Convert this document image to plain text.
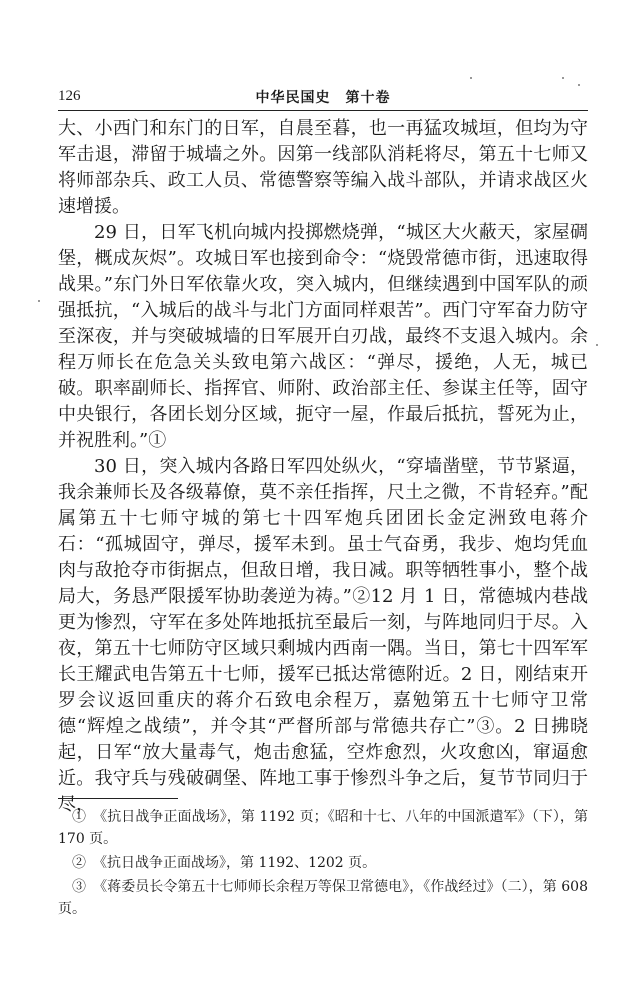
126	中华民国史　第十卷

大、小西门和东门的日军，自晨至暮，也一再猛攻城垣，但均为守军击退，滞留于城墙之外。因第一线部队消耗将尽，第五十七师又将师部杂兵、政工人员、常德警察等编入战斗部队，并请求战区火速增援。

29 日，日军飞机向城内投掷燃烧弹，“城区大火蔽天，家屋碉堡，概成灰烬”。攻城日军也接到命令：“烧毁常德市街，迅速取得战果。”东门外日军依靠火攻，突入城内，但继续遇到中国军队的顽强抵抗，“入城后的战斗与北门方面同样艰苦”。西门守军奋力防守至深夜，并与突破城墙的日军展开白刃战，最终不支退入城内。余程万师长在危急关头致电第六战区：“弹尽，援绝，人无，城已破。职率副师长、指挥官、师附、政治部主任、参谋主任等，固守中央银行，各团长划分区域，扼守一屋，作最后抵抗，誓死为止，并祝胜利。”①

30 日，突入城内各路日军四处纵火，“穿墙凿壁，节节紧逼，我余兼师长及各级幕僚，莫不亲任指挥，尺土之微，不肯轻弃。”配属第五十七师守城的第七十四军炮兵团团长金定洲致电蒋介石：“孤城固守，弹尽，援军未到。虽士气奋勇，我步、炮均凭血肉与敌抢夺市街据点，但敌日增，我日减。职等牺牲事小，整个战局大，务恳严限援军协助袭逆为祷。”②12 月 1 日，常德城内巷战更为惨烈，守军在多处阵地抵抗至最后一刻，与阵地同归于尽。入夜，第五十七师防守区域只剩城内西南一隅。当日，第七十四军军长王耀武电告第五十七师，援军已抵达常德附近。2 日，刚结束开罗会议返回重庆的蒋介石致电余程万，嘉勉第五十七师守卫常德“辉煌之战绩”，并令其“严督所部与常德共存亡”③。2 日拂晓起，日军“放大量毒气，炮击愈猛，空炸愈烈，火攻愈凶，窜逼愈近。我守兵与残破碉堡、阵地工事于惨烈斗争之后，复节节同归于尽，

①　《抗日战争正面战场》，第 1192 页；《昭和十七、八年的中国派遣军》（下），第 170 页。

②　《抗日战争正面战场》，第 1192、1202 页。

③　《蒋委员长令第五十七师师长余程万等保卫常德电》，《作战经过》（二），第 608 页。
